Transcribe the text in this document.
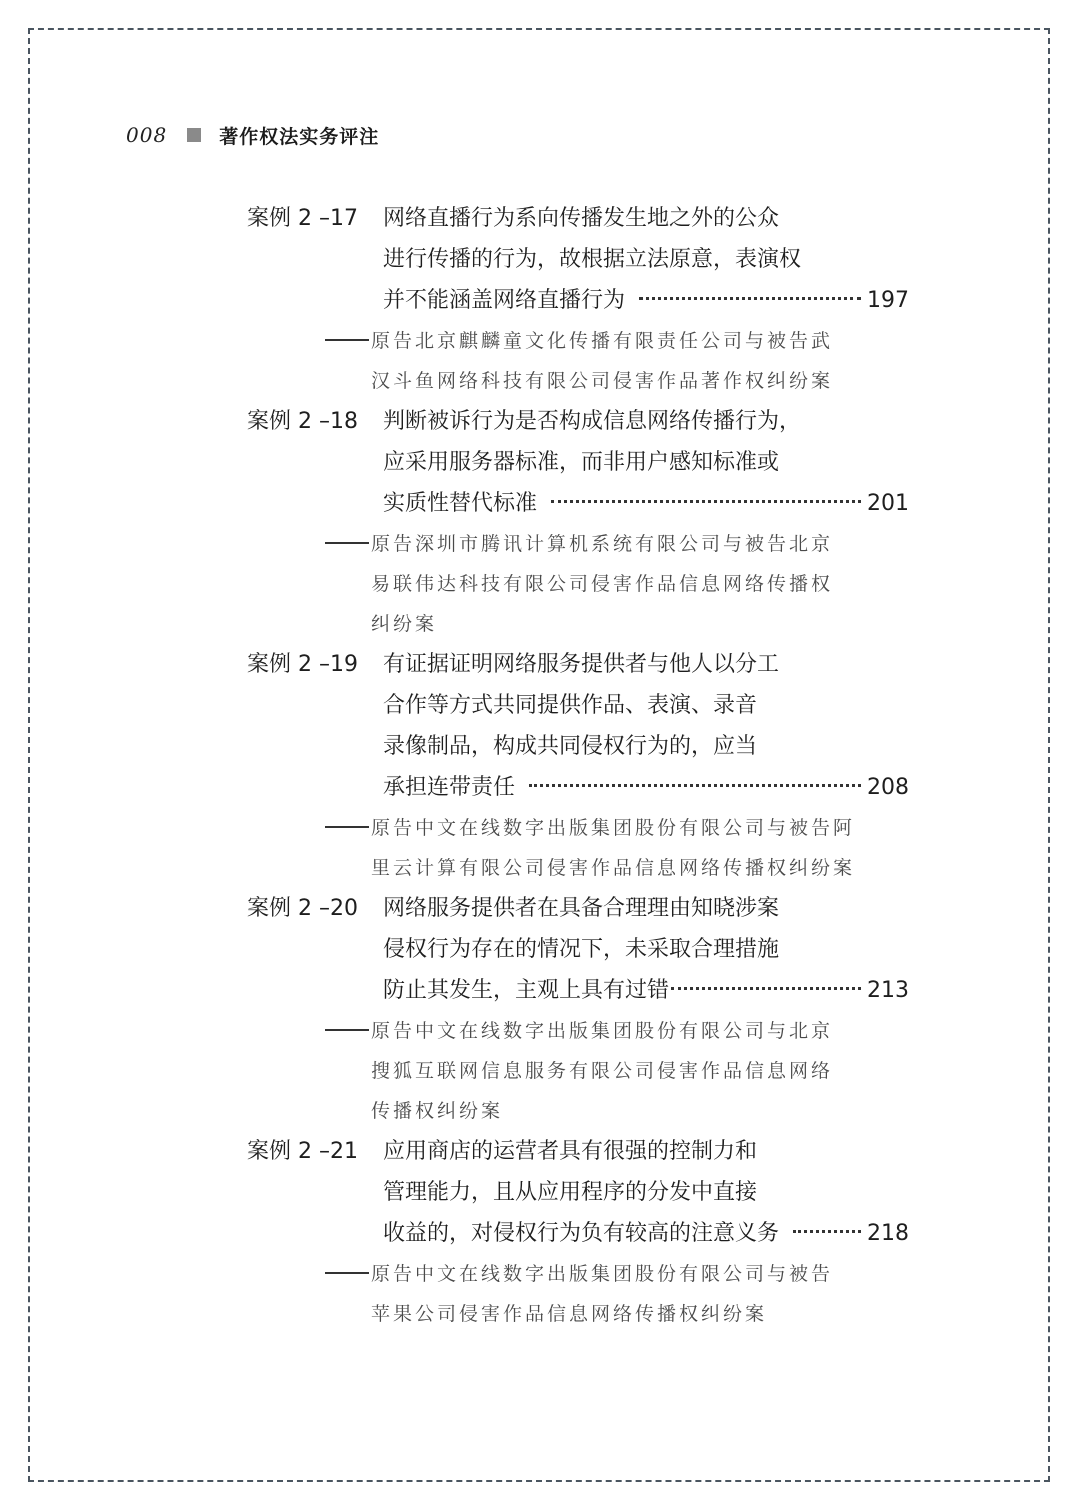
008	著作权法实务评注
案例 2 –17 网络直播行为系向传播发生地之外的公众
进行传播的行为，故根据立法原意，表演权
并不能涵盖网络直播行为	197
原告北京麒麟童文化传播有限责任公司与被告武
汉斗鱼网络科技有限公司侵害作品著作权纠纷案
案例 2 –18 判断被诉行为是否构成信息网络传播行为，
应采用服务器标准，而非用户感知标准或
实质性替代标准	201
原告深圳市腾讯计算机系统有限公司与被告北京
易联伟达科技有限公司侵害作品信息网络传播权
纠纷案
案例 2 –19 有证据证明网络服务提供者与他人以分工
合作等方式共同提供作品、表演、录音
录像制品，构成共同侵权行为的，应当
承担连带责任	208
原告中文在线数字出版集团股份有限公司与被告阿
里云计算有限公司侵害作品信息网络传播权纠纷案
案例 2 –20 网络服务提供者在具备合理理由知晓涉案
侵权行为存在的情况下，未采取合理措施
防止其发生，主观上具有过错	213
原告中文在线数字出版集团股份有限公司与北京
搜狐互联网信息服务有限公司侵害作品信息网络
传播权纠纷案
案例 2 –21 应用商店的运营者具有很强的控制力和
管理能力，且从应用程序的分发中直接
收益的，对侵权行为负有较高的注意义务	218
原告中文在线数字出版集团股份有限公司与被告
苹果公司侵害作品信息网络传播权纠纷案
